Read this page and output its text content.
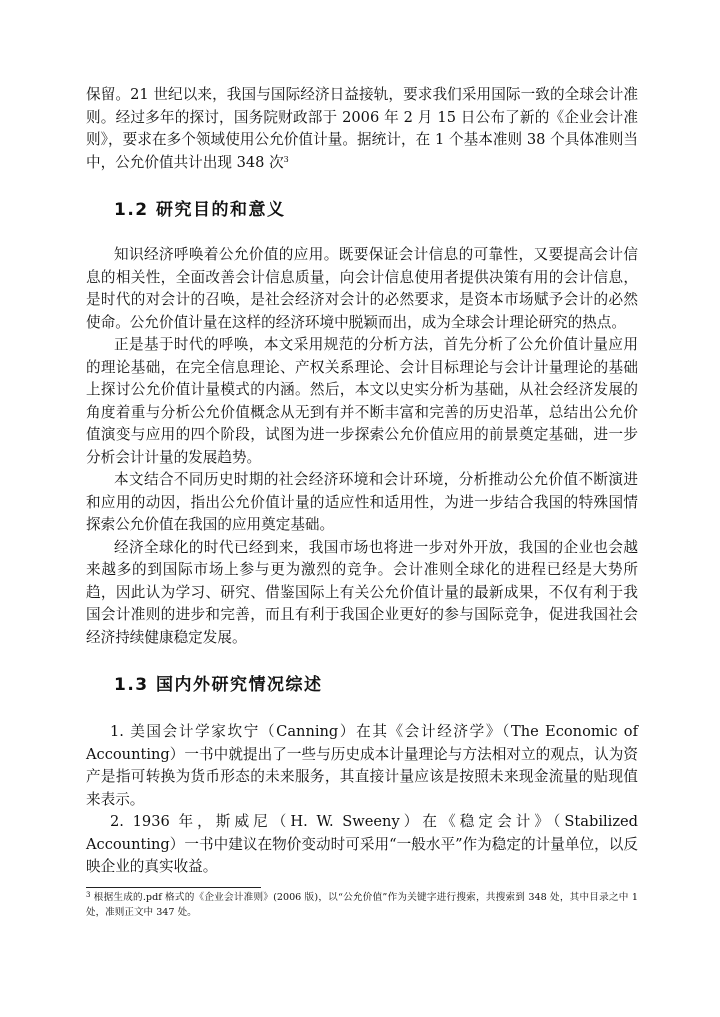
保留。21 世纪以来，我国与国际经济日益接轨，要求我们采用国际一致的全球会计准则。经过多年的探讨，国务院财政部于 2006 年 2 月 15 日公布了新的《企业会计准则》，要求在多个领域使用公允价值计量。据统计，在 1 个基本准则 38 个具体准则当中，公允价值共计出现 348 次$^3$

1.2 研究目的和意义

知识经济呼唤着公允价值的应用。既要保证会计信息的可靠性，又要提高会计信息的相关性，全面改善会计信息质量，向会计信息使用者提供决策有用的会计信息，是时代的对会计的召唤，是社会经济对会计的必然要求，是资本市场赋予会计的必然使命。公允价值计量在这样的经济环境中脱颖而出，成为全球会计理论研究的热点。

正是基于时代的呼唤，本文采用规范的分析方法，首先分析了公允价值计量应用的理论基础，在完全信息理论、产权关系理论、会计目标理论与会计计量理论的基础上探讨公允价值计量模式的内涵。然后，本文以史实分析为基础，从社会经济发展的角度着重与分析公允价值概念从无到有并不断丰富和完善的历史沿革，总结出公允价值演变与应用的四个阶段，试图为进一步探索公允价值应用的前景奠定基础，进一步分析会计计量的发展趋势。

本文结合不同历史时期的社会经济环境和会计环境，分析推动公允价值不断演进和应用的动因，指出公允价值计量的适应性和适用性，为进一步结合我国的特殊国情探索公允价值在我国的应用奠定基础。

经济全球化的时代已经到来，我国市场也将进一步对外开放，我国的企业也会越来越多的到国际市场上参与更为激烈的竞争。会计准则全球化的进程已经是大势所趋，因此认为学习、研究、借鉴国际上有关公允价值计量的最新成果，不仅有利于我国会计准则的进步和完善，而且有利于我国企业更好的参与国际竞争，促进我国社会经济持续健康稳定发展。

1.3 国内外研究情况综述

1. 美国会计学家坎宁（Canning）在其《会计经济学》（The Economic of Accounting）一书中就提出了一些与历史成本计量理论与方法相对立的观点，认为资产是指可转换为货币形态的未来服务，其直接计量应该是按照未来现金流量的贴现值来表示。

2. 1936 年，斯威尼（H. W. Sweeny）在《稳定会计》（Stabilized Accounting）一书中建议在物价变动时可采用“一般水平”作为稳定的计量单位，以反映企业的真实收益。

$^3$ 根据生成的.pdf 格式的《企业会计准则》(2006 版)，以“公允价值”作为关键字进行搜索，共搜索到 348 处，其中目录之中 1 处，准则正文中 347 处。
